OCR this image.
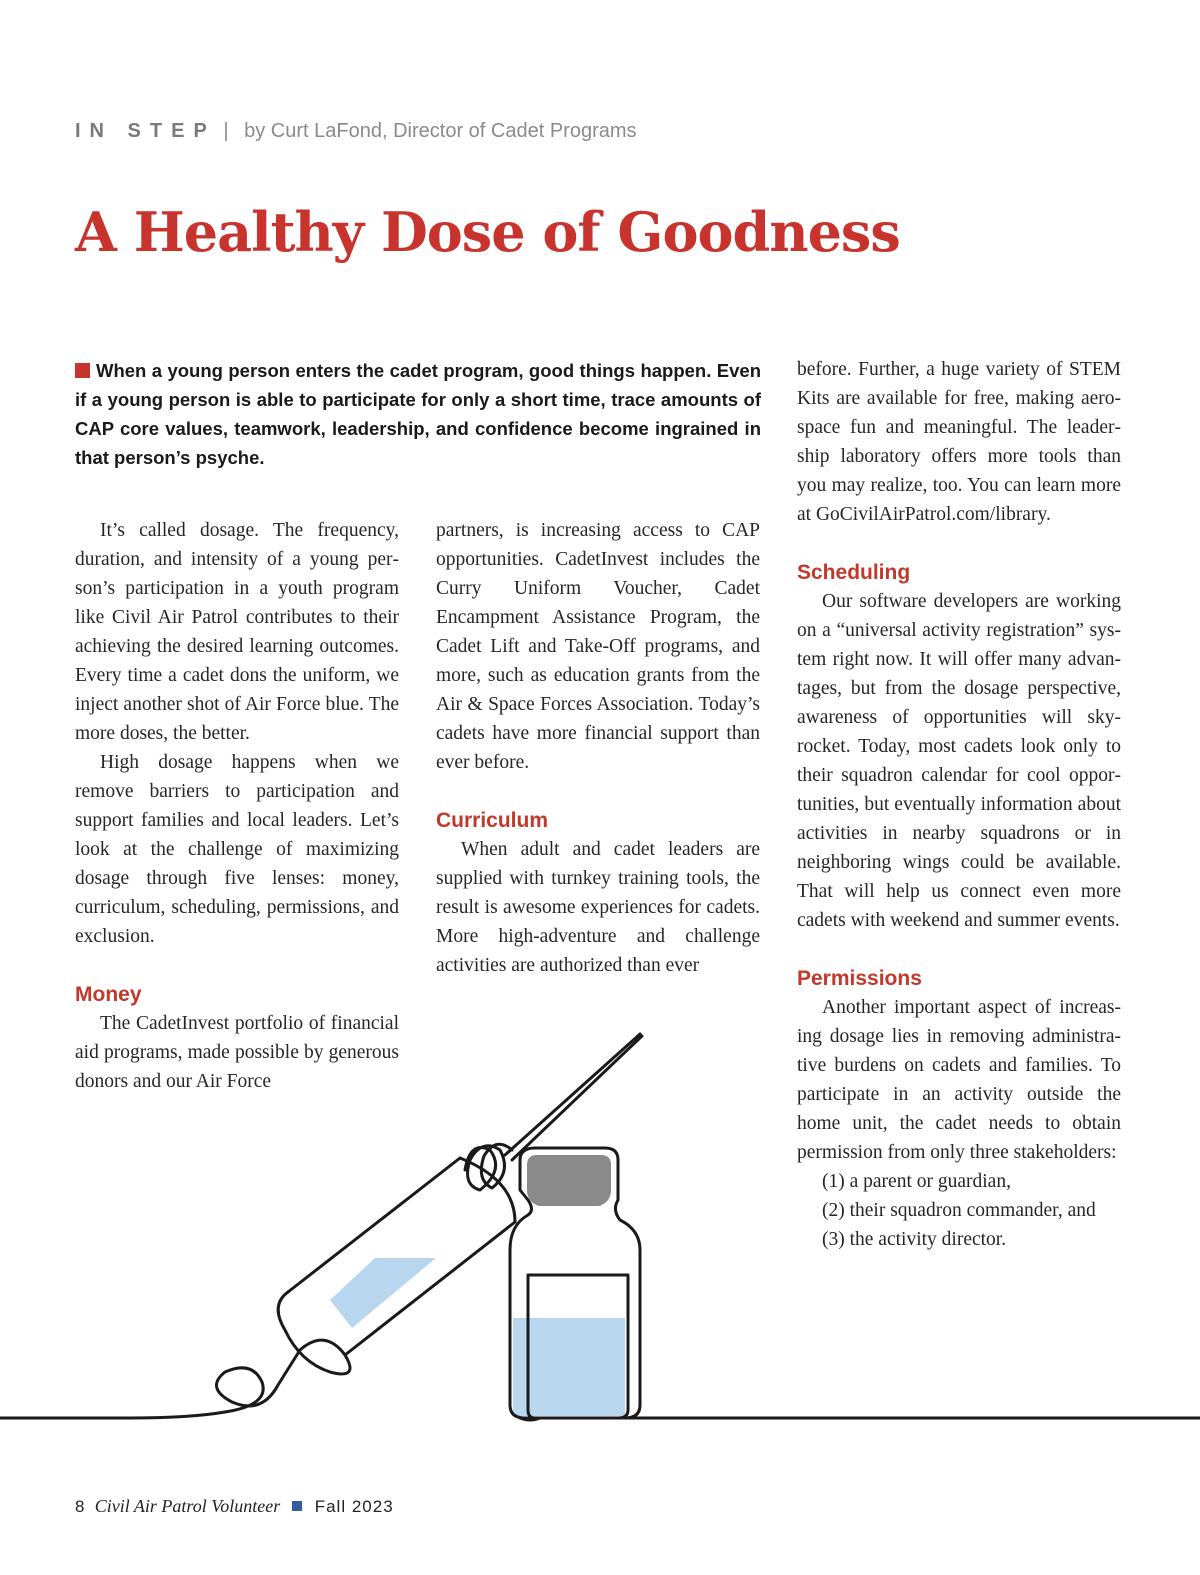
IN STEP | by Curt LaFond, Director of Cadet Programs
A Healthy Dose of Goodness

When a young person enters the cadet program, good things happen. Even if a young person is able to participate for only a short time, trace amounts of CAP core values, teamwork, leadership, and confidence become ingrained in that person’s psyche.

It’s called dosage. The frequency, duration, and intensity of a young person’s participation in a youth program like Civil Air Patrol contributes to their achieving the desired learning outcomes. Every time a cadet dons the uniform, we inject another shot of Air Force blue. The more doses, the better.

High dosage happens when we remove barriers to participation and support families and local leaders. Let’s look at the challenge of maximizing dosage through five lenses: money, curriculum, scheduling, permissions, and exclusion.

Money

The CadetInvest portfolio of financial aid programs, made possible by generous donors and our Air Force

partners, is increasing access to CAP opportunities. CadetInvest includes the Curry Uniform Voucher, Cadet Encampment Assistance Program, the Cadet Lift and Take-Off programs, and more, such as education grants from the Air & Space Forces Association. Today’s cadets have more financial support than ever before.

Curriculum

When adult and cadet leaders are supplied with turnkey training tools, the result is awesome experiences for cadets. More high-adventure and challenge activities are authorized than ever

before. Further, a huge variety of STEM Kits are available for free, making aerospace fun and meaningful. The leadership laboratory offers more tools than you may realize, too. You can learn more at GoCivilAirPatrol.com/library.

Scheduling

Our software developers are working on a “universal activity registration” system right now. It will offer many advantages, but from the dosage perspective, awareness of opportunities will skyrocket. Today, most cadets look only to their squadron calendar for cool opportunities, but eventually information about activities in nearby squadrons or in neighboring wings could be available. That will help us connect even more cadets with weekend and summer events.

Permissions

Another important aspect of increasing dosage lies in removing administrative burdens on cadets and families. To participate in an activity outside the home unit, the cadet needs to obtain permission from only three stakeholders:

(1) a parent or guardian,

(2) their squadron commander, and

(3) the activity director.

8 Civil Air Patrol Volunteer Fall 2023
